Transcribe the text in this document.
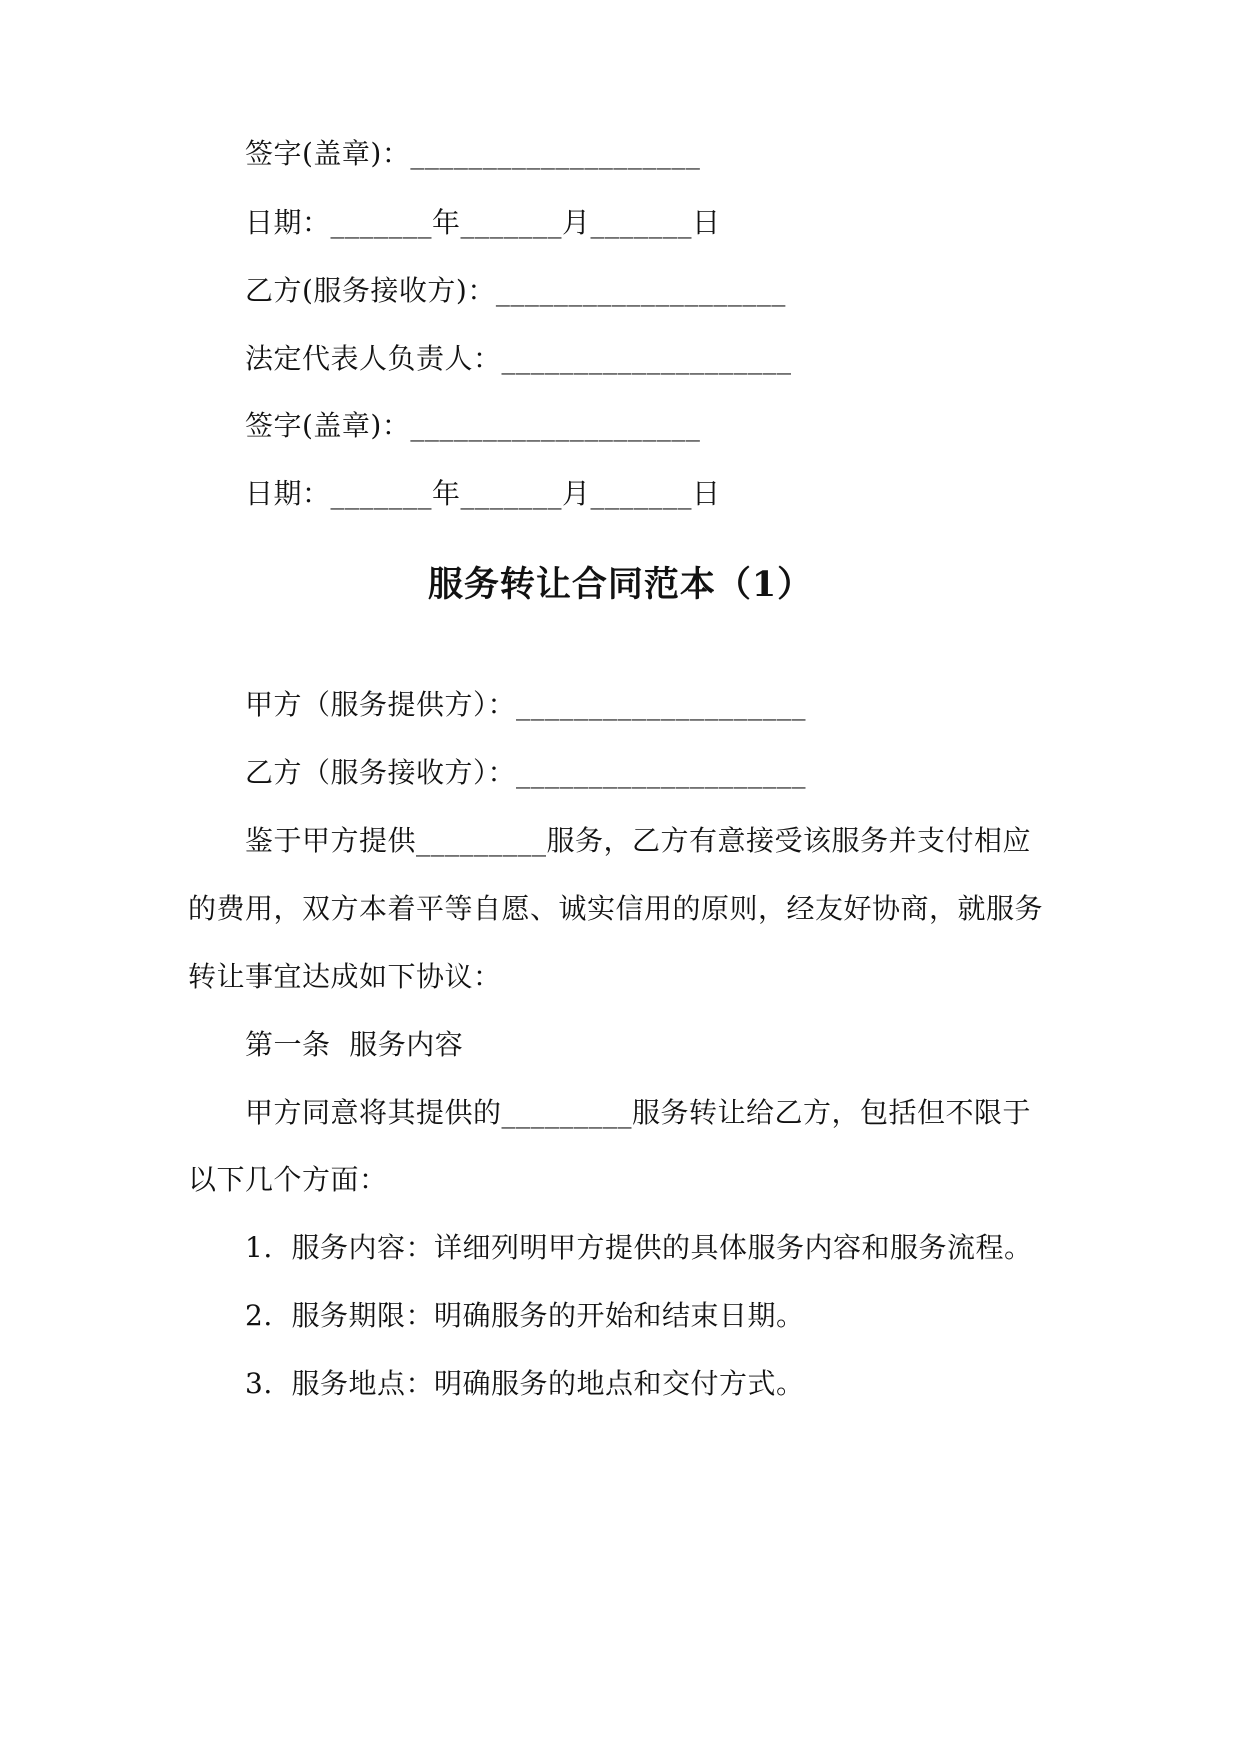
签字(盖章)：____________________
日期：_______年_______月_______日
乙方(服务接收方)：____________________
法定代表人负责人：____________________
签字(盖章)：____________________
日期：_______年_______月_______日
服务转让合同范本（1）
甲方（服务提供方）：____________________
乙方（服务接收方）：____________________
鉴于甲方提供_________服务，乙方有意接受该服务并支付相应
的费用，双方本着平等自愿、诚实信用的原则，经友好协商，就服务
转让事宜达成如下协议：
第一条  服务内容
甲方同意将其提供的_________服务转让给乙方，包括但不限于
以下几个方面：
1.  服务内容：详细列明甲方提供的具体服务内容和服务流程。
2.  服务期限：明确服务的开始和结束日期。
3.  服务地点：明确服务的地点和交付方式。
